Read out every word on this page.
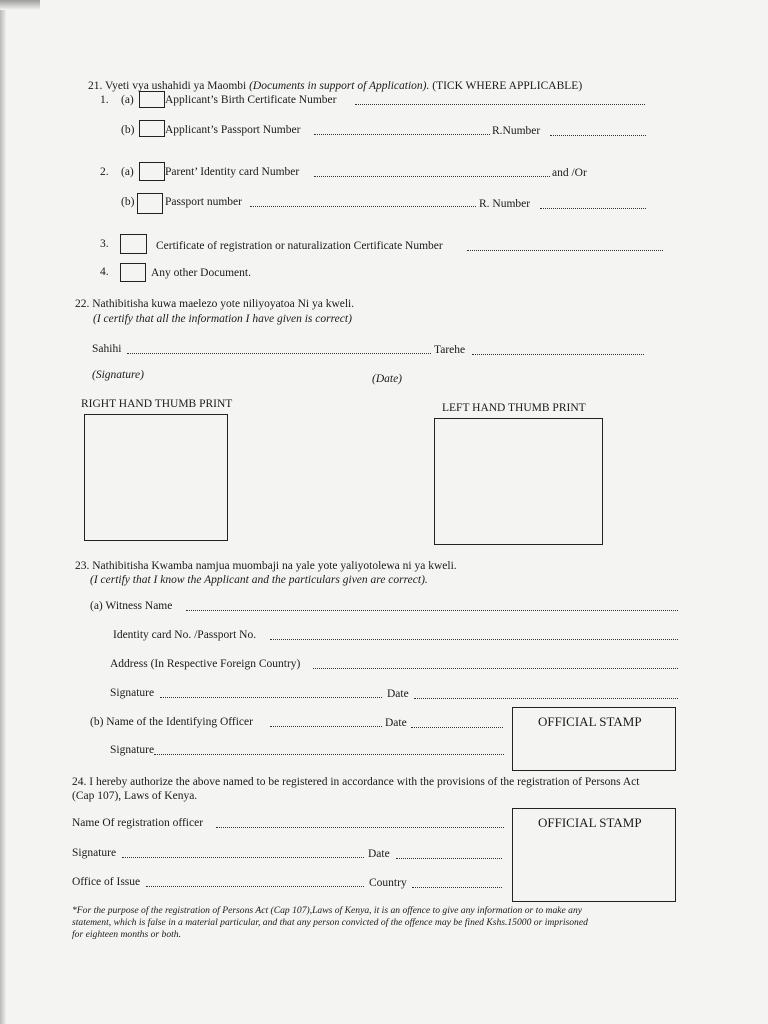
21. Vyeti vya ushahidi ya Maombi (Documents in support of Application). (TICK WHERE APPLICABLE)
1. (a)	Applicant’s Birth Certificate Number
(b)	Applicant’s Passport Number	R.Number
2. (a)	Parent’ Identity card Number	and /Or
(b)	Passport number	R. Number
3.	Certificate of registration or naturalization Certificate Number
4.	Any other Document.
22. Nathibitisha kuwa maelezo yote niliyoyatoa Ni ya kweli.
(I certify that all the information I have given is correct)
Sahihi	Tarehe
(Signature)	(Date)
RIGHT HAND THUMB PRINT	LEFT HAND THUMB PRINT
23. Nathibitisha Kwamba namjua muombaji na yale yote yaliyotolewa ni ya kweli.
(I certify that I know the Applicant and the particulars given are correct).
(a) Witness Name
Identity card No. /Passport No.
Address (In Respective Foreign Country)
Signature	Date
(b) Name of the Identifying Officer	Date
Signature
OFFICIAL STAMP
24. I hereby authorize the above named to be registered in accordance with the provisions of the registration of Persons Act
(Cap 107), Laws of Kenya.
Name Of registration officer
Signature	Date
Office of Issue	Country
OFFICIAL STAMP
*For the purpose of the registration of Persons Act (Cap 107),Laws of Kenya, it is an offence to give any information or to make any
statement, which is false in a material particular, and that any person convicted of the offence may be fined Kshs.15000 or imprisoned
for eighteen months or both.
